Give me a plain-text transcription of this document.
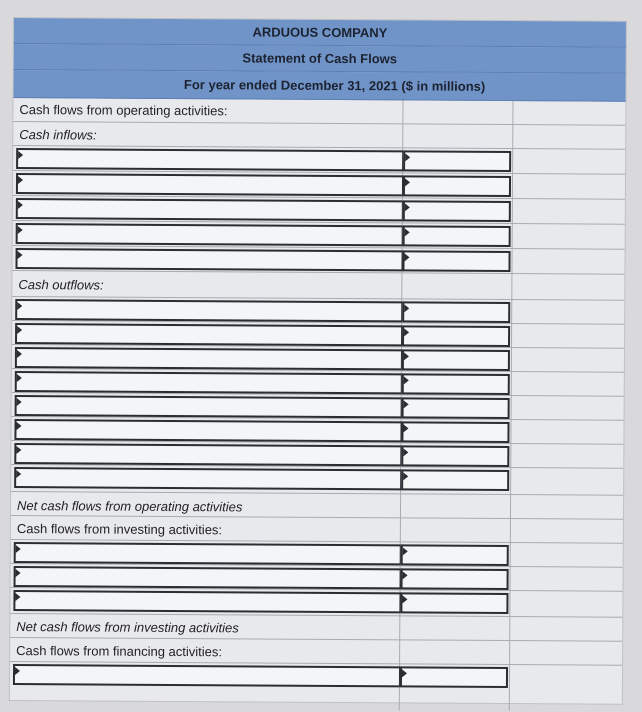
ARDUOUS COMPANY
Statement of Cash Flows
For year ended December 31, 2021 ($ in millions)
Cash flows from operating activities:
Cash inflows:
Cash outflows:
Net cash flows from operating activities
Cash flows from investing activities:
Net cash flows from investing activities
Cash flows from financing activities:
